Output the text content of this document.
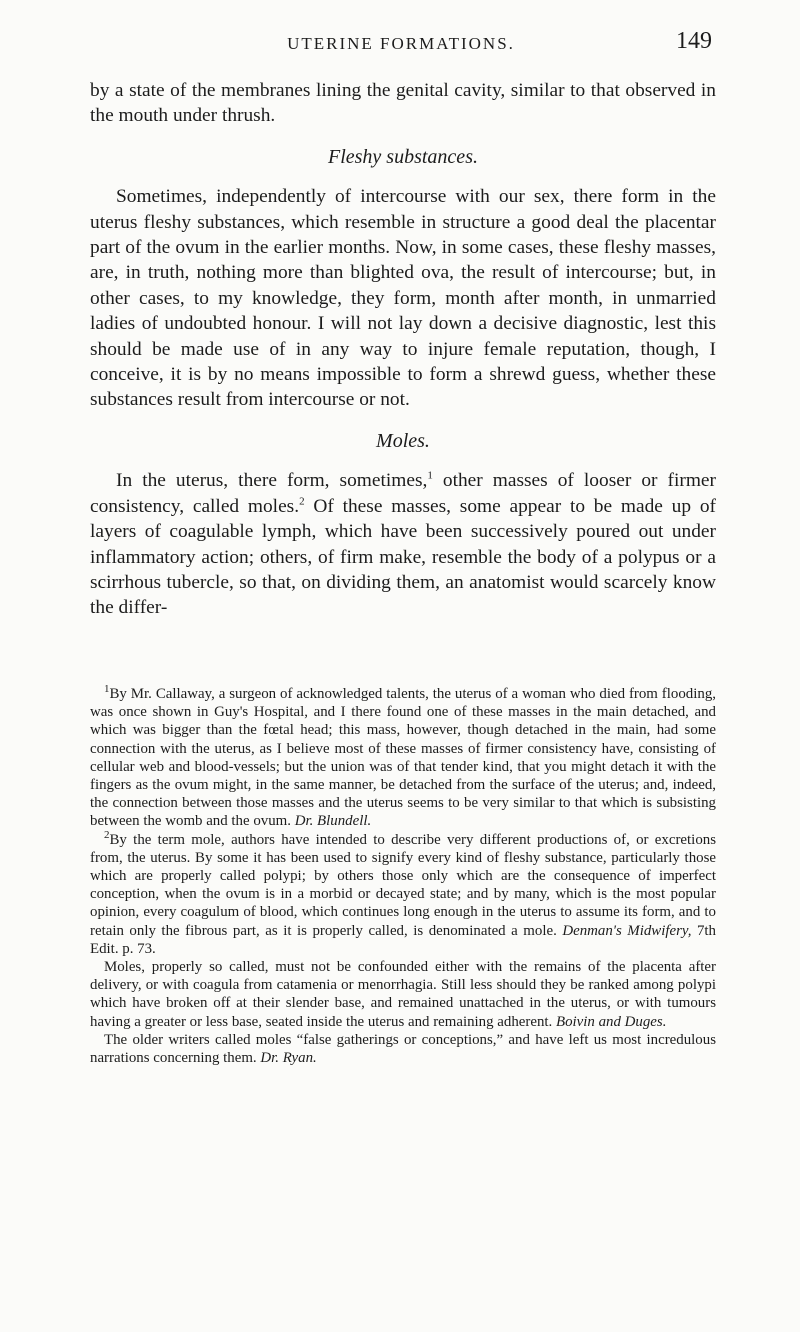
UTERINE FORMATIONS.	149

by a state of the membranes lining the genital cavity, similar to that observed in the mouth under thrush.

Fleshy substances.

Sometimes, independently of intercourse with our sex, there form in the uterus fleshy substances, which resemble in structure a good deal the placentar part of the ovum in the earlier months. Now, in some cases, these fleshy masses, are, in truth, nothing more than blighted ova, the result of intercourse; but, in other cases, to my knowledge, they form, month after month, in unmarried ladies of undoubted honour. I will not lay down a decisive diagnostic, lest this should be made use of in any way to injure female reputation, though, I conceive, it is by no means impossible to form a shrewd guess, whether these substances result from intercourse or not.

Moles.

In the uterus, there form, sometimes,$^1$ other masses of looser or firmer consistency, called moles.$^2$ Of these masses, some appear to be made up of layers of coagulable lymph, which have been successively poured out under inflammatory action; others, of firm make, resemble the body of a polypus or a scirrhous tubercle, so that, on dividing them, an anatomist would scarcely know the differ-

$^1$By Mr. Callaway, a surgeon of acknowledged talents, the uterus of a woman who died from flooding, was once shown in Guy's Hospital, and I there found one of these masses in the main detached, and which was bigger than the fœtal head; this mass, however, though detached in the main, had some connection with the uterus, as I believe most of these masses of firmer consistency have, consisting of cellular web and blood-vessels; but the union was of that tender kind, that you might detach it with the fingers as the ovum might, in the same manner, be detached from the surface of the uterus; and, indeed, the connection between those masses and the uterus seems to be very similar to that which is subsisting between the womb and the ovum. Dr. Blundell.

$^2$By the term mole, authors have intended to describe very different productions of, or excretions from, the uterus. By some it has been used to signify every kind of fleshy substance, particularly those which are properly called polypi; by others those only which are the consequence of imperfect conception, when the ovum is in a morbid or decayed state; and by many, which is the most popular opinion, every coagulum of blood, which continues long enough in the uterus to assume its form, and to retain only the fibrous part, as it is properly called, is denominated a mole. Denman's Midwifery, 7th Edit. p. 73.

Moles, properly so called, must not be confounded either with the remains of the placenta after delivery, or with coagula from catamenia or menorrhagia. Still less should they be ranked among polypi which have broken off at their slender base, and remained unattached in the uterus, or with tumours having a greater or less base, seated inside the uterus and remaining adherent. Boivin and Duges.

The older writers called moles “false gatherings or conceptions,” and have left us most incredulous narrations concerning them. Dr. Ryan.
